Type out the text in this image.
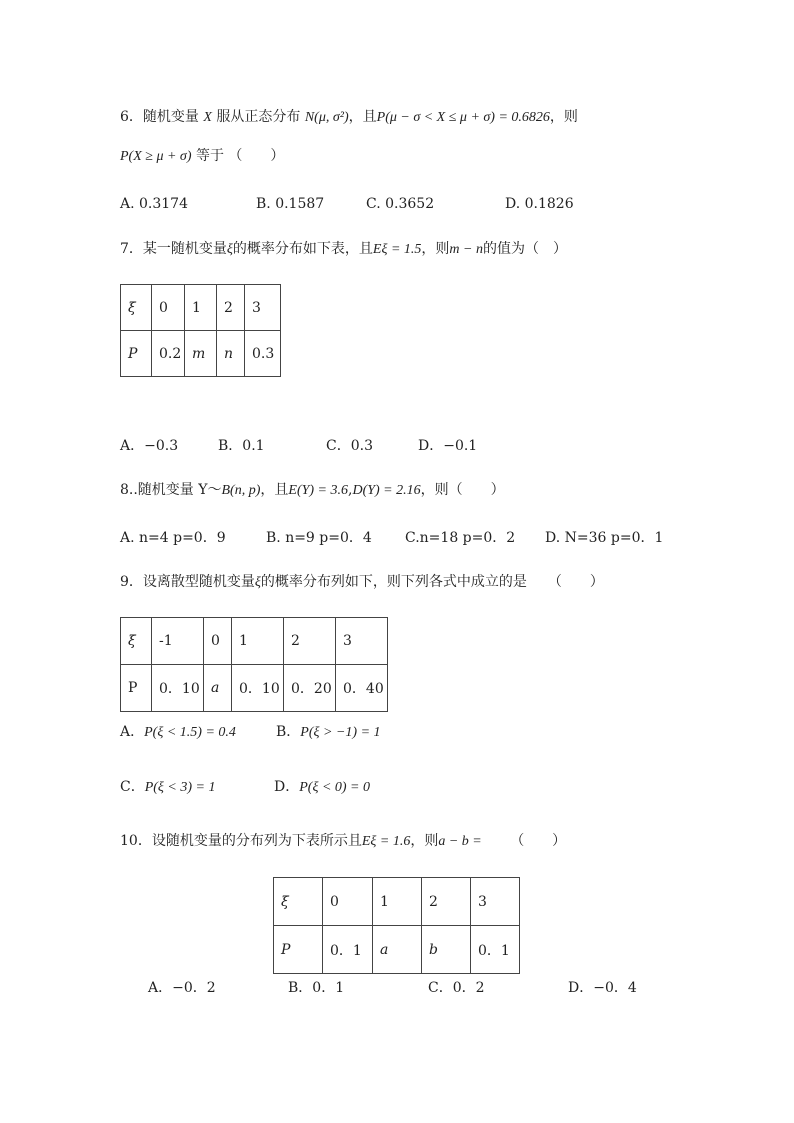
6．随机变量 X 服从正态分布 N(μ, σ²)，且P(μ − σ < X ≤ μ + σ) = 0.6826，则
P(X ≥ μ + σ) 等于 （　　）
A. 0.3174	B. 0.1587	C. 0.3652	D. 0.1826
7．某一随机变量ξ的概率分布如下表，且Eξ = 1.5，则m − n的值为（　）
ξ	0	1	2	3
P	0.2	m	n	0.3
A．−0.3	B．0.1	C．0.3	D．−0.1
8..随机变量 Y～B(n, p)，且E(Y) = 3.6,D(Y) = 2.16，则（　　）
A. n=4 p=0．9	B. n=9 p=0．4 C.n=18 p=0．2 D. N=36 p=0．1
9．设离散型随机变量ξ的概率分布列如下，则下列各式中成立的是　　（　　）
ξ	-1	0	1	2	3
P	0．10	a	0．10	0．20	0．40
A．P(ξ < 1.5) = 0.4	B．P(ξ > −1) = 1
C．P(ξ < 3) = 1	D．P(ξ < 0) = 0
10．设随机变量的分布列为下表所示且Eξ = 1.6，则a − b = （　　）
ξ	0	1	2	3
P	0．1	a	b	0．1
A．−0．2	B．0．1	C．0．2	D．−0．4
